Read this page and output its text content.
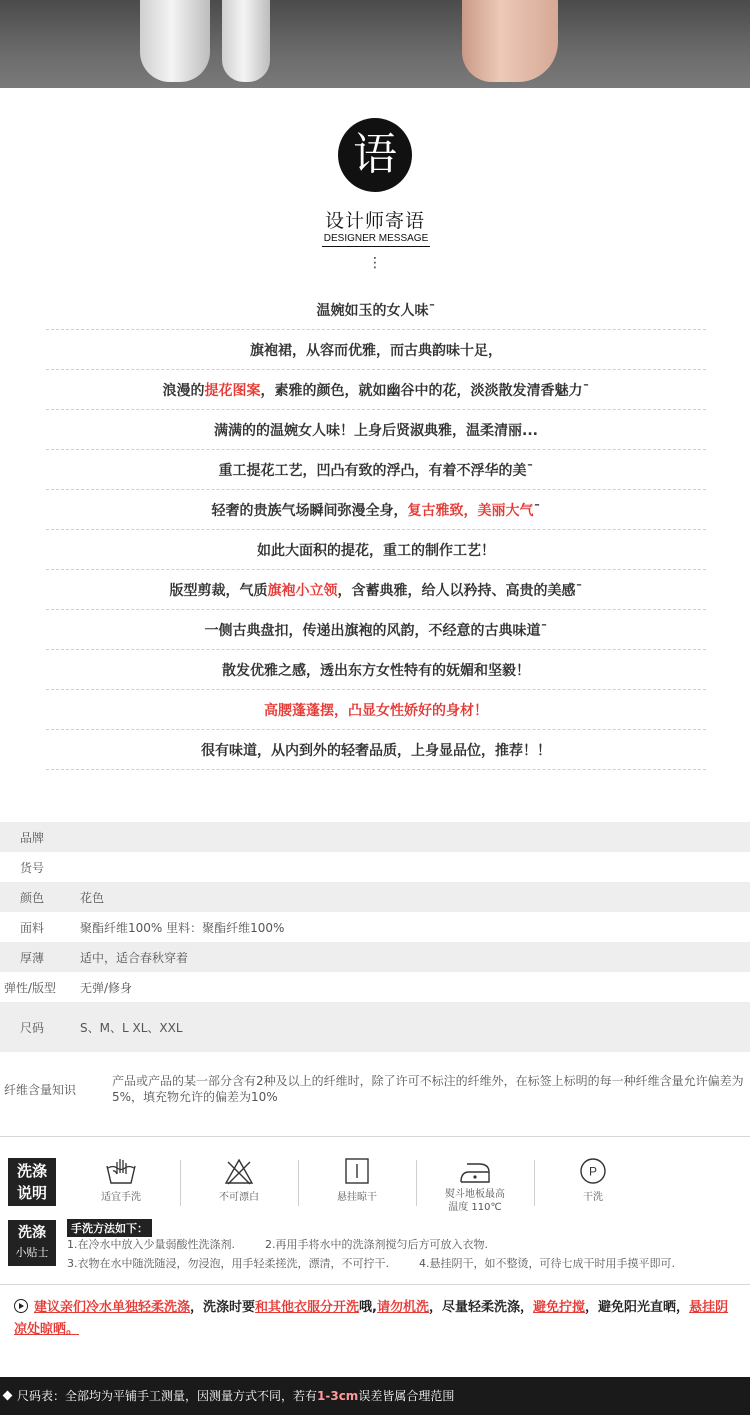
语
设计师寄语
DESIGNER MESSAGE
⋮
温婉如玉的女人味¯
旗袍裙，从容而优雅，而古典韵味十足，
浪漫的提花图案，素雅的颜色，就如幽谷中的花，淡淡散发清香魅力¯
满满的的温婉女人味！上身后贤淑典雅，温柔清丽...
重工提花工艺，凹凸有致的浮凸，有着不浮华的美¯
轻奢的贵族气场瞬间弥漫全身，复古雅致，美丽大气¯
如此大面积的提花，重工的制作工艺！
版型剪裁，气质旗袍小立领，含蓄典雅，给人以矜持、高贵的美感¯
一侧古典盘扣，传递出旗袍的风韵，不经意的古典味道¯
散发优雅之感，透出东方女性特有的妩媚和坚毅！
高腰蓬蓬摆，凸显女性娇好的身材！
很有味道，从内到外的轻奢品质，上身显品位，推荐！！
品牌
货号
颜色	花色
面料	聚酯纤维100% 里料：聚酯纤维100%
厚薄	适中，适合春秋穿着
弹性/版型	无弹/修身
尺码	S、M、L XL、XXL
纤维含量知识
产品或产品的某一部分含有2种及以上的纤维时，除了许可不标注的纤维外，在标签上标明的每一种纤维含量允许偏差为5%，填充物允许的偏差为10%
洗涤
说明	适宜手洗	不可漂白	悬挂晾干	熨斗地板最高
温度 110℃
P
干洗
洗涤
小贴士
手洗方法如下：
1.在冷水中放入少量弱酸性洗涤剂.	2.再用手将水中的洗涤剂搅匀后方可放入衣物.
3.衣物在水中随洗随浸，勿浸泡，用手轻柔搓洗，漂清，不可拧干.	4.悬挂阴干，如不整烫，可待七成干时用手摸平即可.
建议亲们冷水单独轻柔洗涤，洗涤时要和其他衣服分开洗哦,请勿机洗，尽量轻柔洗涤，避免拧搅，避免阳光直晒，悬挂阴凉处晾晒。
尺码表：全部均为平铺手工测量，因测量方式不同，若有1-3cm误差皆属合理范围
